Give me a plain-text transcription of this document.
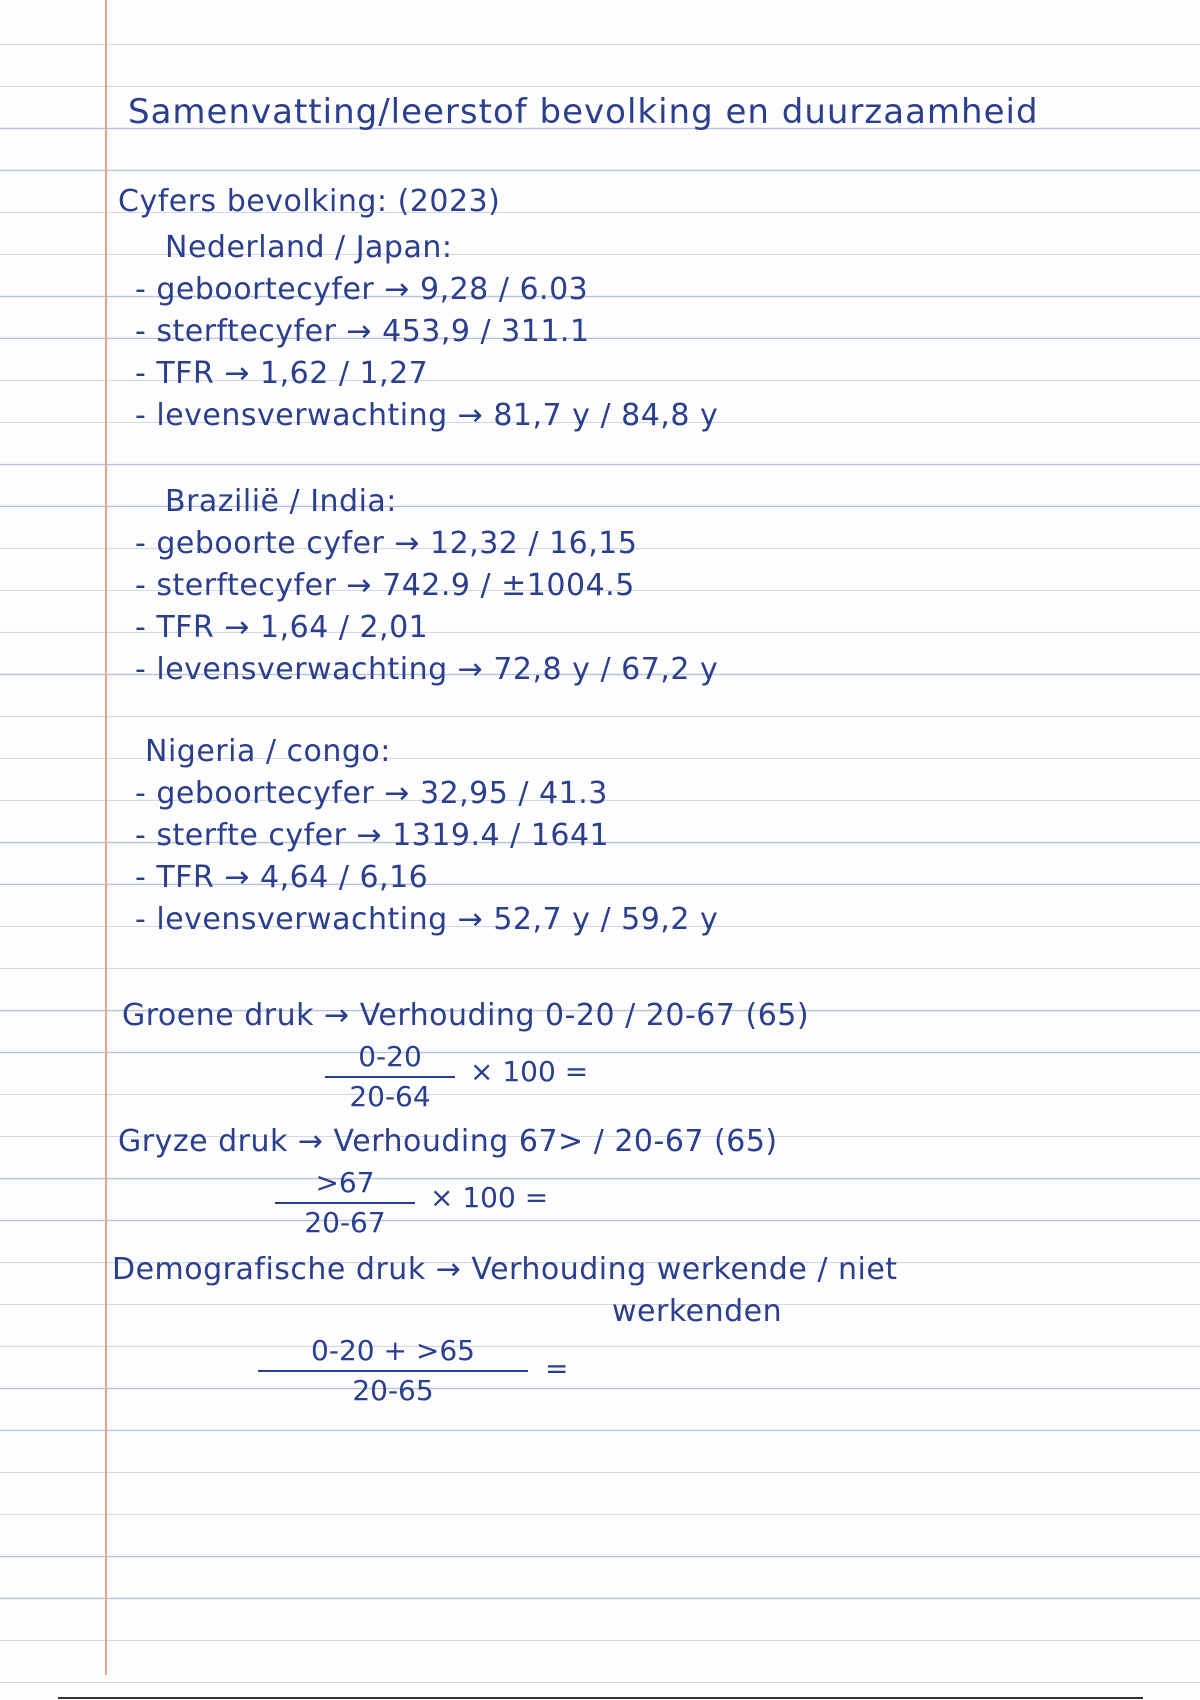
Samenvatting/leerstof bevolking en duurzaamheid
Cyfers bevolking: (2023)
Nederland / Japan:
- geboortecyfer → 9,28 / 6.03
- sterftecyfer → 453,9 / 311.1
- TFR → 1,62 / 1,27
- levensverwachting → 81,7 y / 84,8 y
Brazilië / India:
- geboorte cyfer → 12,32 / 16,15
- sterftecyfer → 742.9 / ±1004.5
- TFR → 1,64 / 2,01
- levensverwachting → 72,8 y / 67,2 y
Nigeria / congo:
- geboortecyfer → 32,95 / 41.3
- sterfte cyfer → 1319.4 / 1641
- TFR → 4,64 / 6,16
- levensverwachting → 52,7 y / 59,2 y
Groene druk → Verhouding 0-20 / 20-67 (65)
0-20
20-64
× 100 =
Gryze druk → Verhouding 67> / 20-67 (65)
>67
20-67
× 100 =
Demografische druk → Verhouding werkende / niet
werkenden
0-20 + >65
20-65
=
